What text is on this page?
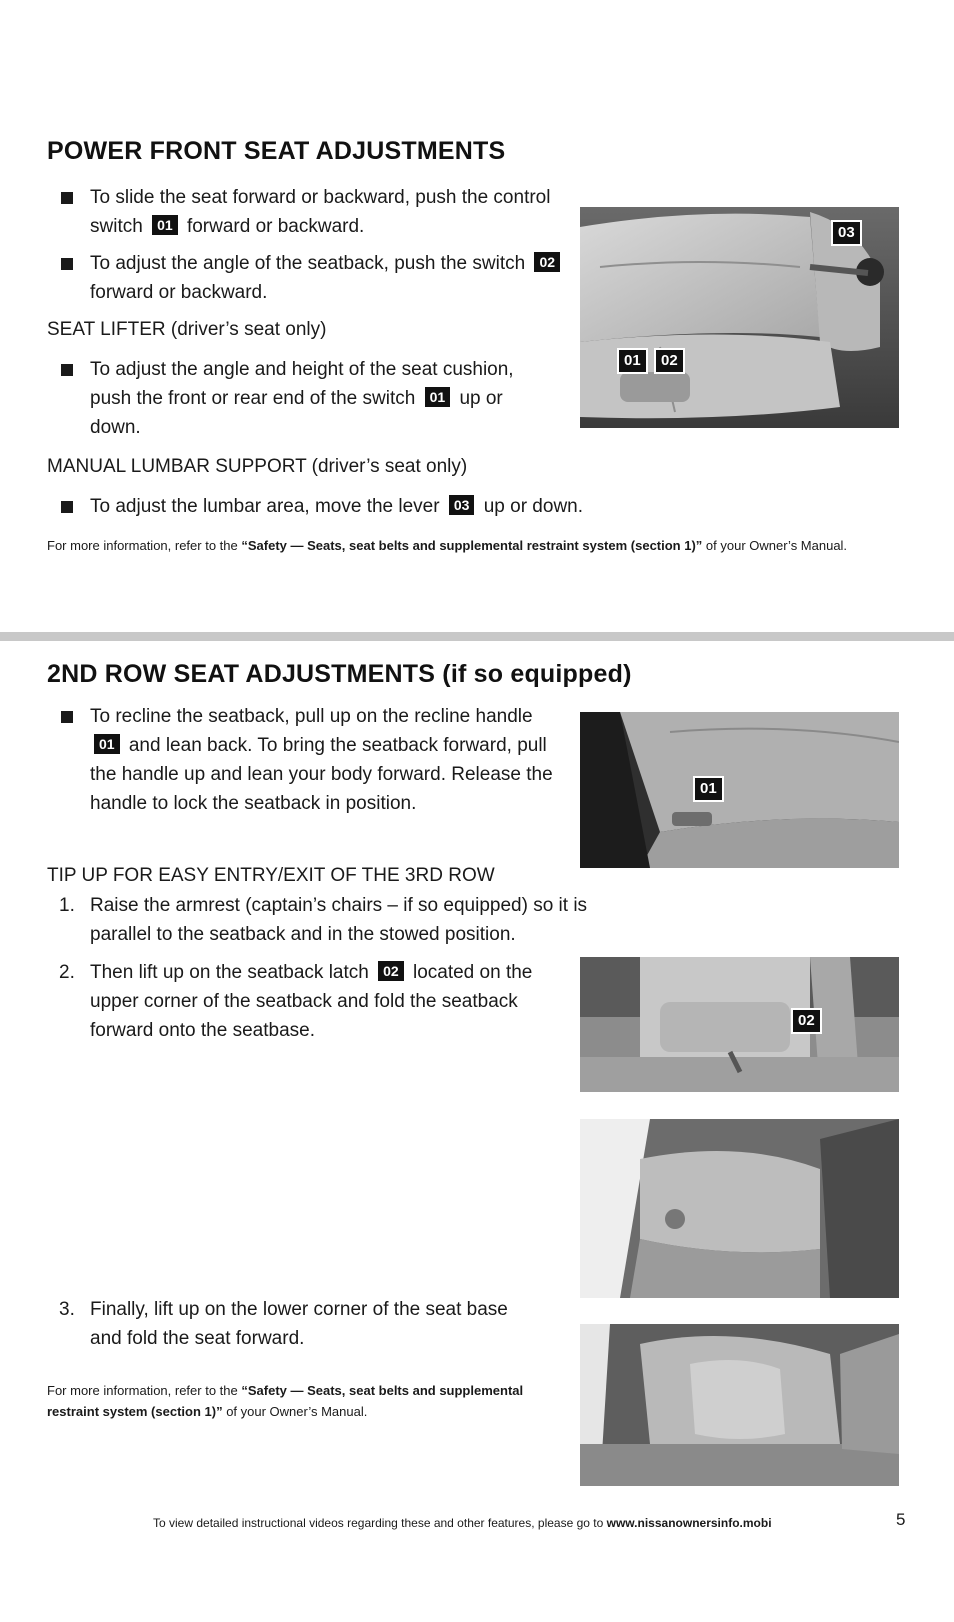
POWER FRONT SEAT ADJUSTMENTS
To slide the seat forward or backward, push the control switch 01 forward or backward.
To adjust the angle of the seatback, push the switch 02 forward or backward.
SEAT LIFTER (driver’s seat only)
To adjust the angle and height of the seat cushion, push the front or rear end of the switch 01 up or down.
MANUAL LUMBAR SUPPORT (driver’s seat only)
To adjust the lumbar area, move the lever 03 up or down.
For more information, refer to the “Safety — Seats, seat belts and supplemental restraint system (section 1)” of your Owner’s Manual.
03
01	02
2ND ROW SEAT ADJUSTMENTS (if so equipped)
To recline the seatback, pull up on the recline handle 01 and lean back. To bring the seatback forward, pull the handle up and lean your body forward. Release the handle to lock the seatback in position.
01
TIP UP FOR EASY ENTRY/EXIT OF THE 3RD ROW
1. Raise the armrest (captain’s chairs – if so equipped) so it is parallel to the seatback and in the stowed position.
2. Then lift up on the seatback latch 02 located on the upper corner of the seatback and fold the seatback forward onto the seatbase.	02
3. Finally, lift up on the lower corner of the seat base and fold the seat forward.
For more information, refer to the “Safety — Seats, seat belts and supplemental restraint system (section 1)” of your Owner’s Manual.
To view detailed instructional videos regarding these and other features, please go to www.nissanownersinfo.mobi	5
